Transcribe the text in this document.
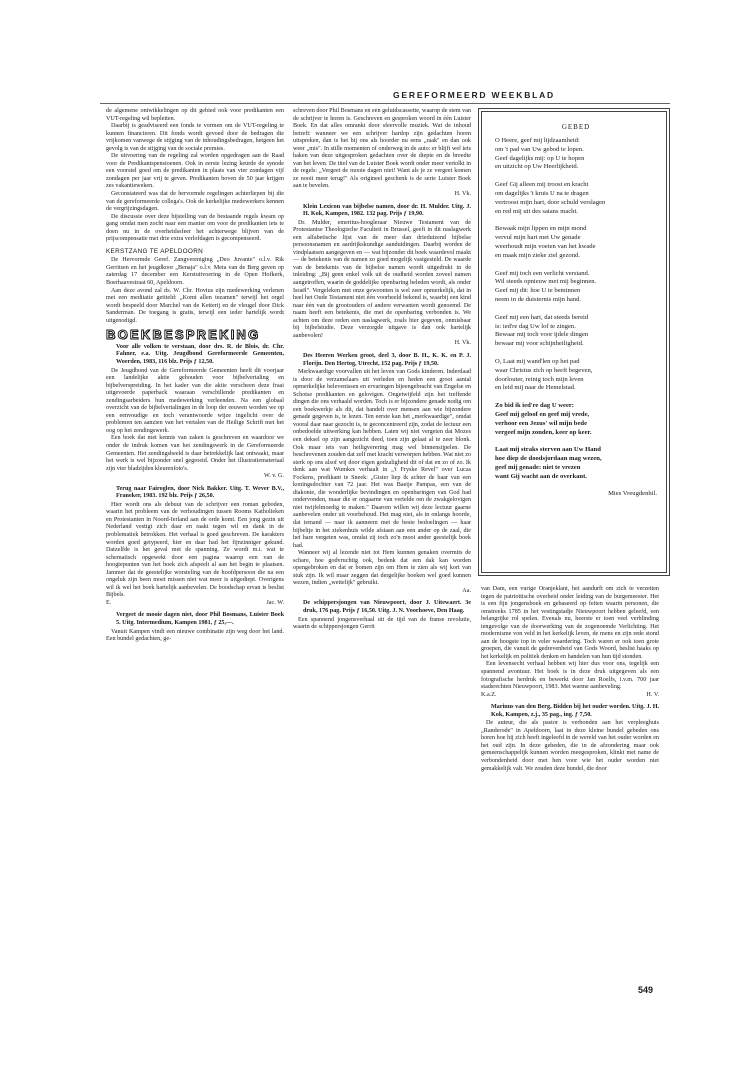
GEREFORMEERD WEEKBLAD

de algemene ontwikkelingen op dit gebied ook voor predikanten een VUT-regeling wil bepleiten.

Daarbij is geadviseerd een fonds te vormen om de VUT-regeling te kunnen financieren. Dit fonds wordt gevoed door de bedragen die vrijkomen vanwege de stijging van de inhoudingsbedragen, hetgeen het gevolg is van de stijging van de sociale premies.

De uitvoering van de regeling zal worden opgedragen aan de Raad voor de Predikantspensioenen. Ook in eerste lezing keurde de synode een voorstel goed om de predikanten in plaats van vier zondagen vijf zondagen per jaar vrij te geven. Predikanten boven de 50 jaar krijgen zes vakantieweken.

Geconstateerd was dat de hervormde regelingen achterliepen bij die van de gereformeerde collega's. Ook de kerkelijke medewerkers kennen de vergrijzingsdagen.

De discussie over deze bijstelling van de bestaande regels kwam op gang omdat men zocht naar een manier om voor de predikanten iets te doen nu in de overheidssfeer het achterwege blijven van de prijscompensatie met drie extra verlofdagen is gecompenseerd.

KERSTZANG TE APELDOORN

De Hervormde Geref. Zangvereniging „Deo Juvante" o.l.v. Rik Gerritsen en het jeugdkoor „Benaja" o.l.v. Meta van de Berg geven op zaterdag 17 december een Kerstuitvoering in de Open Hofkerk, Boerhaavestraat 60, Apeldoorn.

Aan deze avond zal ds. W. Chr. Hovius zijn medewerking verlenen met een meditatie getiteld: „Komt allen tezamen" terwijl het orgel wordt bespeeld door Marchel van de Ketterij en de vleugel door Dick Sanderman. De toegang is gratis, terwijl een ieder hartelijk wordt uitgenodigd.

BOEKBESPREKING

Voor alle volken te verstaan, door drs. R. de Blois, dr. Chr. Fahner, e.a. Uitg. Jeugdbond Gereformeerde Gemeenten, Woerden, 1983, 116 blz. Prijs ƒ 12,50.

De Jeugdbond van de Gereformeerde Gemeenten heeft dit voorjaar een landelijke aktie gehouden voor bijbelvertaling en bijbelverspreiding. In het kader van die aktie verscheen deze fraai uitgevoerde paperback waaraan verschillende predikanten en zendingsarbeiders hun medewerking verleenden. Na een globaal overzicht van de bijbelvertalingen in de loop der eeuwen worden we op een eenvoudige en toch verantwoorde wijze ingelicht over de problemen ten aanzien van het vertalen van de Heilige Schrift met het oog op het zendingswerk.

Een boek dat met kennis van zaken is geschreven en waardoor we onder de indruk komen van het zendingswerk in de Gereformeerde Gemeenten. Het zendingsbeeld is daar betrekkelijk laat ontwaakt, maar het werk is wel bijzonder snel gegroeid. Onder het illustratiemateriaal zijn vier bladzijden kleurenfoto's.

W. v. G.

Terug naar Fairoglen, door Nick Bakker. Uitg. T. Wever B.V., Franeker, 1983. 192 blz. Prijs ƒ 26,50.

Hier wordt ons als debuut van de schrijver een roman geboden, waarin het probleem van de verhoudingen tussen Rooms Katholieken en Protestanten in Noord-Ierland aan de orde komt. Een jong gezin uit Nederland vestigt zich daar en raakt tegen wil en dank in de problematiek betrokken. Het verhaal is goed geschreven. De karakters worden goed getypeerd, hier en daar had het fijnzinniger gekund. Datzelfde is het geval met de spanning. Ze wordt m.i. wat te schematisch opgewekt door een pagina waarop een van de hoogtepunten van het boek zich afspeelt al aan het begin te plaatsen. Jammer dat de geestelijke worsteling van de hoofdpersoon die na een ongeluk zijn been moet missen niet wat meer is uitgediept. Overigens wil ik wel het boek hartelijk aanbevelen. De boodschap ervan is beslist Bijbels.

E.	Jac. W.

Vergeet de mooie dagen niet, door Phil Bosmans, Luister Boek 5. Uitg. Intermedium, Kampen 1981, ƒ 25,—.

Vanuit Kampen vindt een nieuwe combinatie zijn weg door het land. Een bundel gedachten, ge-

schreven door Phil Bosmans en een geluidscassette, waarop de stem van de schrijver te horen is. Geschreven en gesproken woord in één Luister Boek. En dat alles omrankt door sfeervolle muziek. Wat de inhoud betreft: wanneer we een schrijver hardop zijn gedachten horen uitspreken, dan is het bij ons als hoorder nu eens „raak" en dan ook weer „mis". In stille momenten of onderweg in de auto: er blijft wel iets haken van deze uitgesproken gedachten over de diepte en de breedte van het leven. De titel van de Luister Boek wordt onder meer vertolkt in de regels: „Vergeet de mooie dagen niet! Want als je ze vergeet komen ze nooit meer terug!" Als origineel geschenk is de serie Luister Boek aan te bevelen.

H. Vk.

Klein Lexicon van bijbelse namen, door dr. H. Mulder. Uitg. J. H. Kok, Kampen, 1982. 132 pag. Prijs ƒ 19,90.

Dr. Mulder, emeritus-hoogleraar Nieuwe Testament van de Protestantse Theologische Faculteit in Brussel, geeft in dit naslagwerk een alfabetische lijst van de meer dan drieduizend bijbelse persoonsnamen en aardrijkskundige aanduidingen. Daarbij worden de vindplaatsen aangegeven en — wat bijzonder dit boek waardevol maakt — de betekenis van de namen zo goed mogelijk vastgesteld. De waarde van de betekenis van de bijbelse namen wordt uitgedrukt in de inleiding: „Bij geen enkel volk uit de oudheid worden zoveel namen aangetroffen, waarin de goddelijke openbaring beleden wordt, als onder Israël". Vergeleken met onze gewoonten is wel zeer opmerkelijk, dat in heel het Oude Testament niet één voorbeeld bekend is, waarbij een kind naar één van de grootouders of andere verwanten wordt genoemd. De naam heeft een betekenis, die met de openbaring verbonden is. We achten om deze reden een naslagwerk, zoals hier gegeven, onmisbaar bij bijbelstudie. Deze verzorgde uitgave is dan ook hartelijk aanbevolen!

H. Vk.

Des Heeren Werken groot, deel 3, door B. H., K. K. en P. J. Florijn. Den Hertog, Utrecht, 152 pag. Prijs ƒ 19,50.

Merkwaardige voorvallen uit het leven van Gods kinderen. Inderdaad is door de verzamelaars uit verleden en heden een groot aantal opmerkelijke belevenissen en ervaringen bijeengebracht van Engelse en Schotse predikanten en gelovigen. Ongetwijfeld zijn het treffende dingen die ons verhaald worden. Toch is er bijzondere genade nodig om een boekwerkje als dit, dat handelt over mensen aan wie bijzondere genade gegeven is, te lezen. Ten eerste kan het „merkwaardige", omdat vooral daar naar gezocht is, te geconcentreerd zijn, zodat de lectuur een onbedoelde uitwerking kan hebben. Laten wij niet vergeten dat Mozes een deksel op zijn aangezicht deed, toen zijn gelaat al te zeer blonk. Ook maar iets van heiligverering mag wel binnensijpelen. De beschrevenen zouden dat zelf met kracht verworpen hebben. Wat niet zo sterk op ons alsof wij door eigen godzaligheid dit of dat en zo of zo. Ik denk aan wat Wumkes verhaalt in „'t Fryske Revel" over Lucas Fockens, predikant te Sneek: „Gister liep ik achter de baar van een koningsdochter van 72 jaar. Het was Baeije Pampas, een van de diakonie, die wonderlijke bevindingen en openbaringen van God had ondervonden, maar die er ongaarne van vertelde om de zwakgelovigen niet twijfelmoedig te maken." Daarom willen wij deze lectuur gaarne aanbevelen onder uit voorbehoud. Het mag niet, als in onlangs hoorde, dat iemand — naar ik aanneem met de beste bedoelingen — haar bijbeltje in het ziekenhuis wilde afstaan aan een ander op de zaal, die het hare vergeten was, omdat zij toch zo'n mooi ander geestelijk boek had.

Wanneer wij al lezende niet tot Hem kunnen genaken overmits de schare, hoe godvruchtig ook, bedenk dat een dak kan worden opengebroken en dat er bomen zijn om Hem te zien als wij kort van stuk zijn. Ik wil maar zeggen dat dergelijke boeken wel goed kunnen wezen, indien „wettelijk" gebruikt.

Aa.

De schippersjongen van Nieuwpoort, door J. Uitewaert. 3e druk, 176 pag. Prijs ƒ 16,50. Uitg. J. N. Voorhoeve, Den Haag.

Een spannend jongensverhaal uit de tijd van de franse revolutie, waarin de schippersjongen Gerrit

GEBED
O Heere, geef mij lijdzaamheid:
om 't pad van Uw gebod te lopen.
Geef dagelijks mij: op U te hopen
en uitzicht op Uw Heerlijkheid.
Geef Gij alleen mij troost en kracht
om dagelijks 't kruis U na te dragen
vertroost mijn hart, door schuld verslagen
en red mij uit des satans macht.
Bewaak mijn lippen en mijn mond
vervul mijn hart met Uw genade
weerhoudt mijn voeten van het kwade
en maak mijn zieke ziel gezond.
Geef mij toch een verlicht verstand.
Wil steeds opnieuw met mij beginnen.
Geef mij dit: hoe U te beminnen
neem in de duisternis mijn hand.
Geef mij een hart, dat steeds bereid
is: ied're dag Uw lof te zingen.
Bewaar mij toch voor ijdele dingen
bewaar mij voor schijnheiligheid.
O, Laat mij wand'len op het pad
waar Christus zich op heeft begeven,
doorlouter, reinig toch mijn leven
en leid mij naar de Hemelstad.
Zo bid ik ied're dag U weer:
Geef mij geloof en geef mij vrede,
verhoor een Jezus' wil mijn bede
vergeef mijn zonden, keer op keer.
Laat mij straks sterven aan Uw Hand
hoe diep de doodsjordaan mag wezen,
geef mij genade: niet te vrezen
want Gij wacht aan de overkant.
Mies Vreugdenhil.

van Dam, een vurige Oranjeklant, het aandurft om zich te verzetten tegen de patriottische overheid onder leiding van de burgemeester. Het is een fijn jongensboek en gebaseerd op feiten waarin personen, die omstreeks 1785 in het vestingstadje Nieuwpoort hebben geleefd, een belangrijke rol spelen. Evenals nu, heerste er toen veel verblinding tengevolge van de doorwerking van de zogenoemde Verlichting. Het modernisme von veld in het kerkelijk leven, de mens en zijn rede stond aan de hoogste top in veler waardering. Toch waren er ook toen grote groepen, die vanuit de gedrevenheid van Gods Woord, beslist haaks op het kerkelijk en politiek denken en handelen van hun tijd stonden.

Een levensecht verhaal hebben wij hier dus voor ons, tegelijk een spannend avontuur. Het boek is in deze druk uitgegeven als een fotografische herdruk en bewerkt door Jan Roelfs, i.v.m. 700 jaar stadsrechten Nieuwpoort, 1983. Met warme aanbeveling.

K.a.Z.	H. V.

Marinus van den Berg, Bidden bij het ouder worden. Uitg. J. H. Kok, Kampen, z.j., 35 pag., ing. ƒ 7,50.

De auteur, die als pastor is verbonden aan het verpleeghuis „Randerode" in Apeldoorn, laat in deze kleine bundel gebeden ons horen hoe hij zich heeft ingeleefd in de wereld van het ouder worden en het oud zijn. In deze gebeden, die in de afzondering maar ook gemeenschappelijk kunnen worden meegesproken, klinkt met name de verbondenheid door met hen voor wie het ouder worden niet gemakkelijk valt. We zouden deze bundel, die door

549
